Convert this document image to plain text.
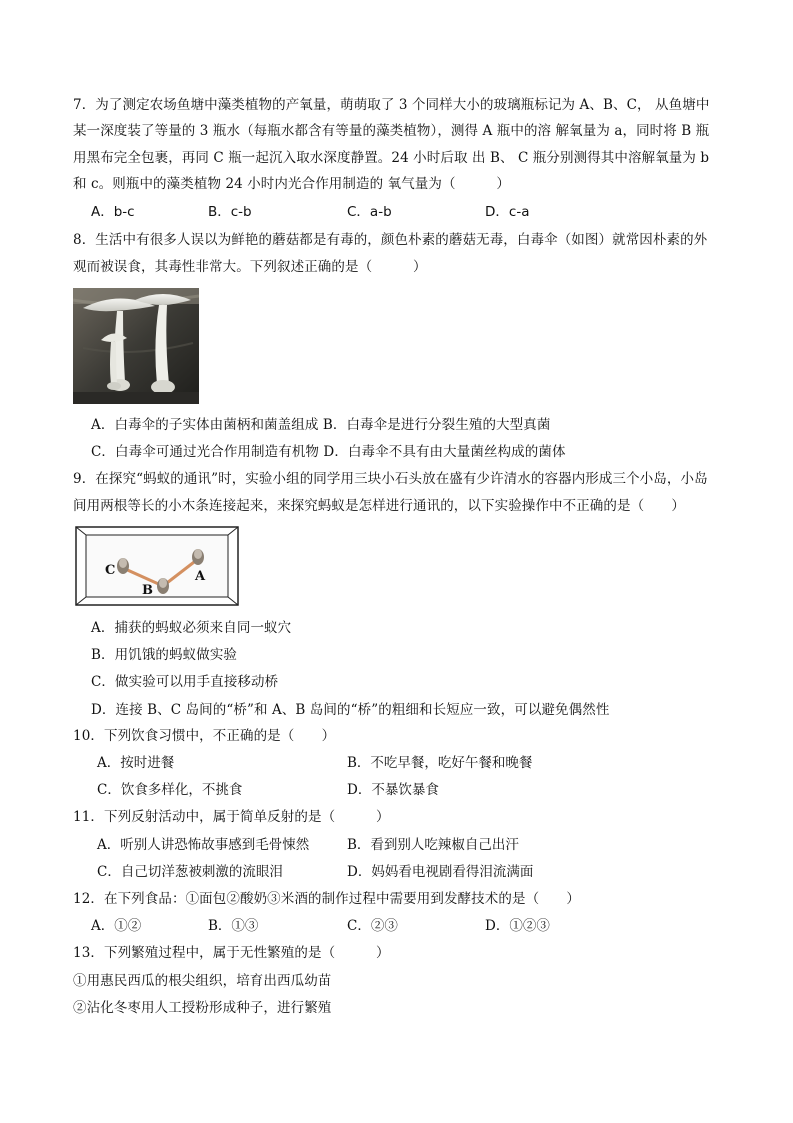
7．为了测定农场鱼塘中藻类植物的产氧量，萌萌取了 3 个同样大小的玻璃瓶标记为 A、B、C， 从鱼塘中
某一深度装了等量的 3 瓶水（每瓶水都含有等量的藻类植物），测得 A 瓶中的溶 解氧量为 a，同时将 B 瓶
用黑布完全包裹，再同 C 瓶一起沉入取水深度静置。24 小时后取 出 B、 C 瓶分别测得其中溶解氧量为 b
和 c。则瓶中的藻类植物 24 小时内光合作用制造的 氧气量为（　　　）
A．b-c	B．c-b	C．a-b	D．c-a
8．生活中有很多人误以为鲜艳的蘑菇都是有毒的，颜色朴素的蘑菇无毒，白毒伞（如图）就常因朴素的外
观而被误食，其毒性非常大。下列叙述正确的是（　　　）
A．白毒伞的子实体由菌柄和菌盖组成 B．白毒伞是进行分裂生殖的大型真菌
C．白毒伞可通过光合作用制造有机物 D．白毒伞不具有由大量菌丝构成的菌体
9．在探究“蚂蚁的通讯”时，实验小组的同学用三块小石头放在盛有少许清水的容器内形成三个小岛，小岛
间用两根等长的小木条连接起来，来探究蚂蚁是怎样进行通讯的，以下实验操作中不正确的是（　　）
C
B
A
A．捕获的蚂蚁必须来自同一蚁穴
B．用饥饿的蚂蚁做实验
C．做实验可以用手直接移动桥
D．连接 B、C 岛间的“桥”和 A、B 岛间的“桥”的粗细和长短应一致，可以避免偶然性
10．下列饮食习惯中，不正确的是（　　）
A．按时进餐	B．不吃早餐，吃好午餐和晚餐
C．饮食多样化，不挑食	D．不暴饮暴食
11．下列反射活动中，属于简单反射的是（　　　）
A．听别人讲恐怖故事感到毛骨悚然	B．看到别人吃辣椒自己出汗
C．自己切洋葱被刺激的流眼泪	D．妈妈看电视剧看得泪流满面
12．在下列食品：①面包②酸奶③米酒的制作过程中需要用到发酵技术的是（　　）
A．①②	B．①③	C．②③	D．①②③
13．下列繁殖过程中，属于无性繁殖的是（　　　）
①用惠民西瓜的根尖组织，培育出西瓜幼苗
②沾化冬枣用人工授粉形成种子，进行繁殖
